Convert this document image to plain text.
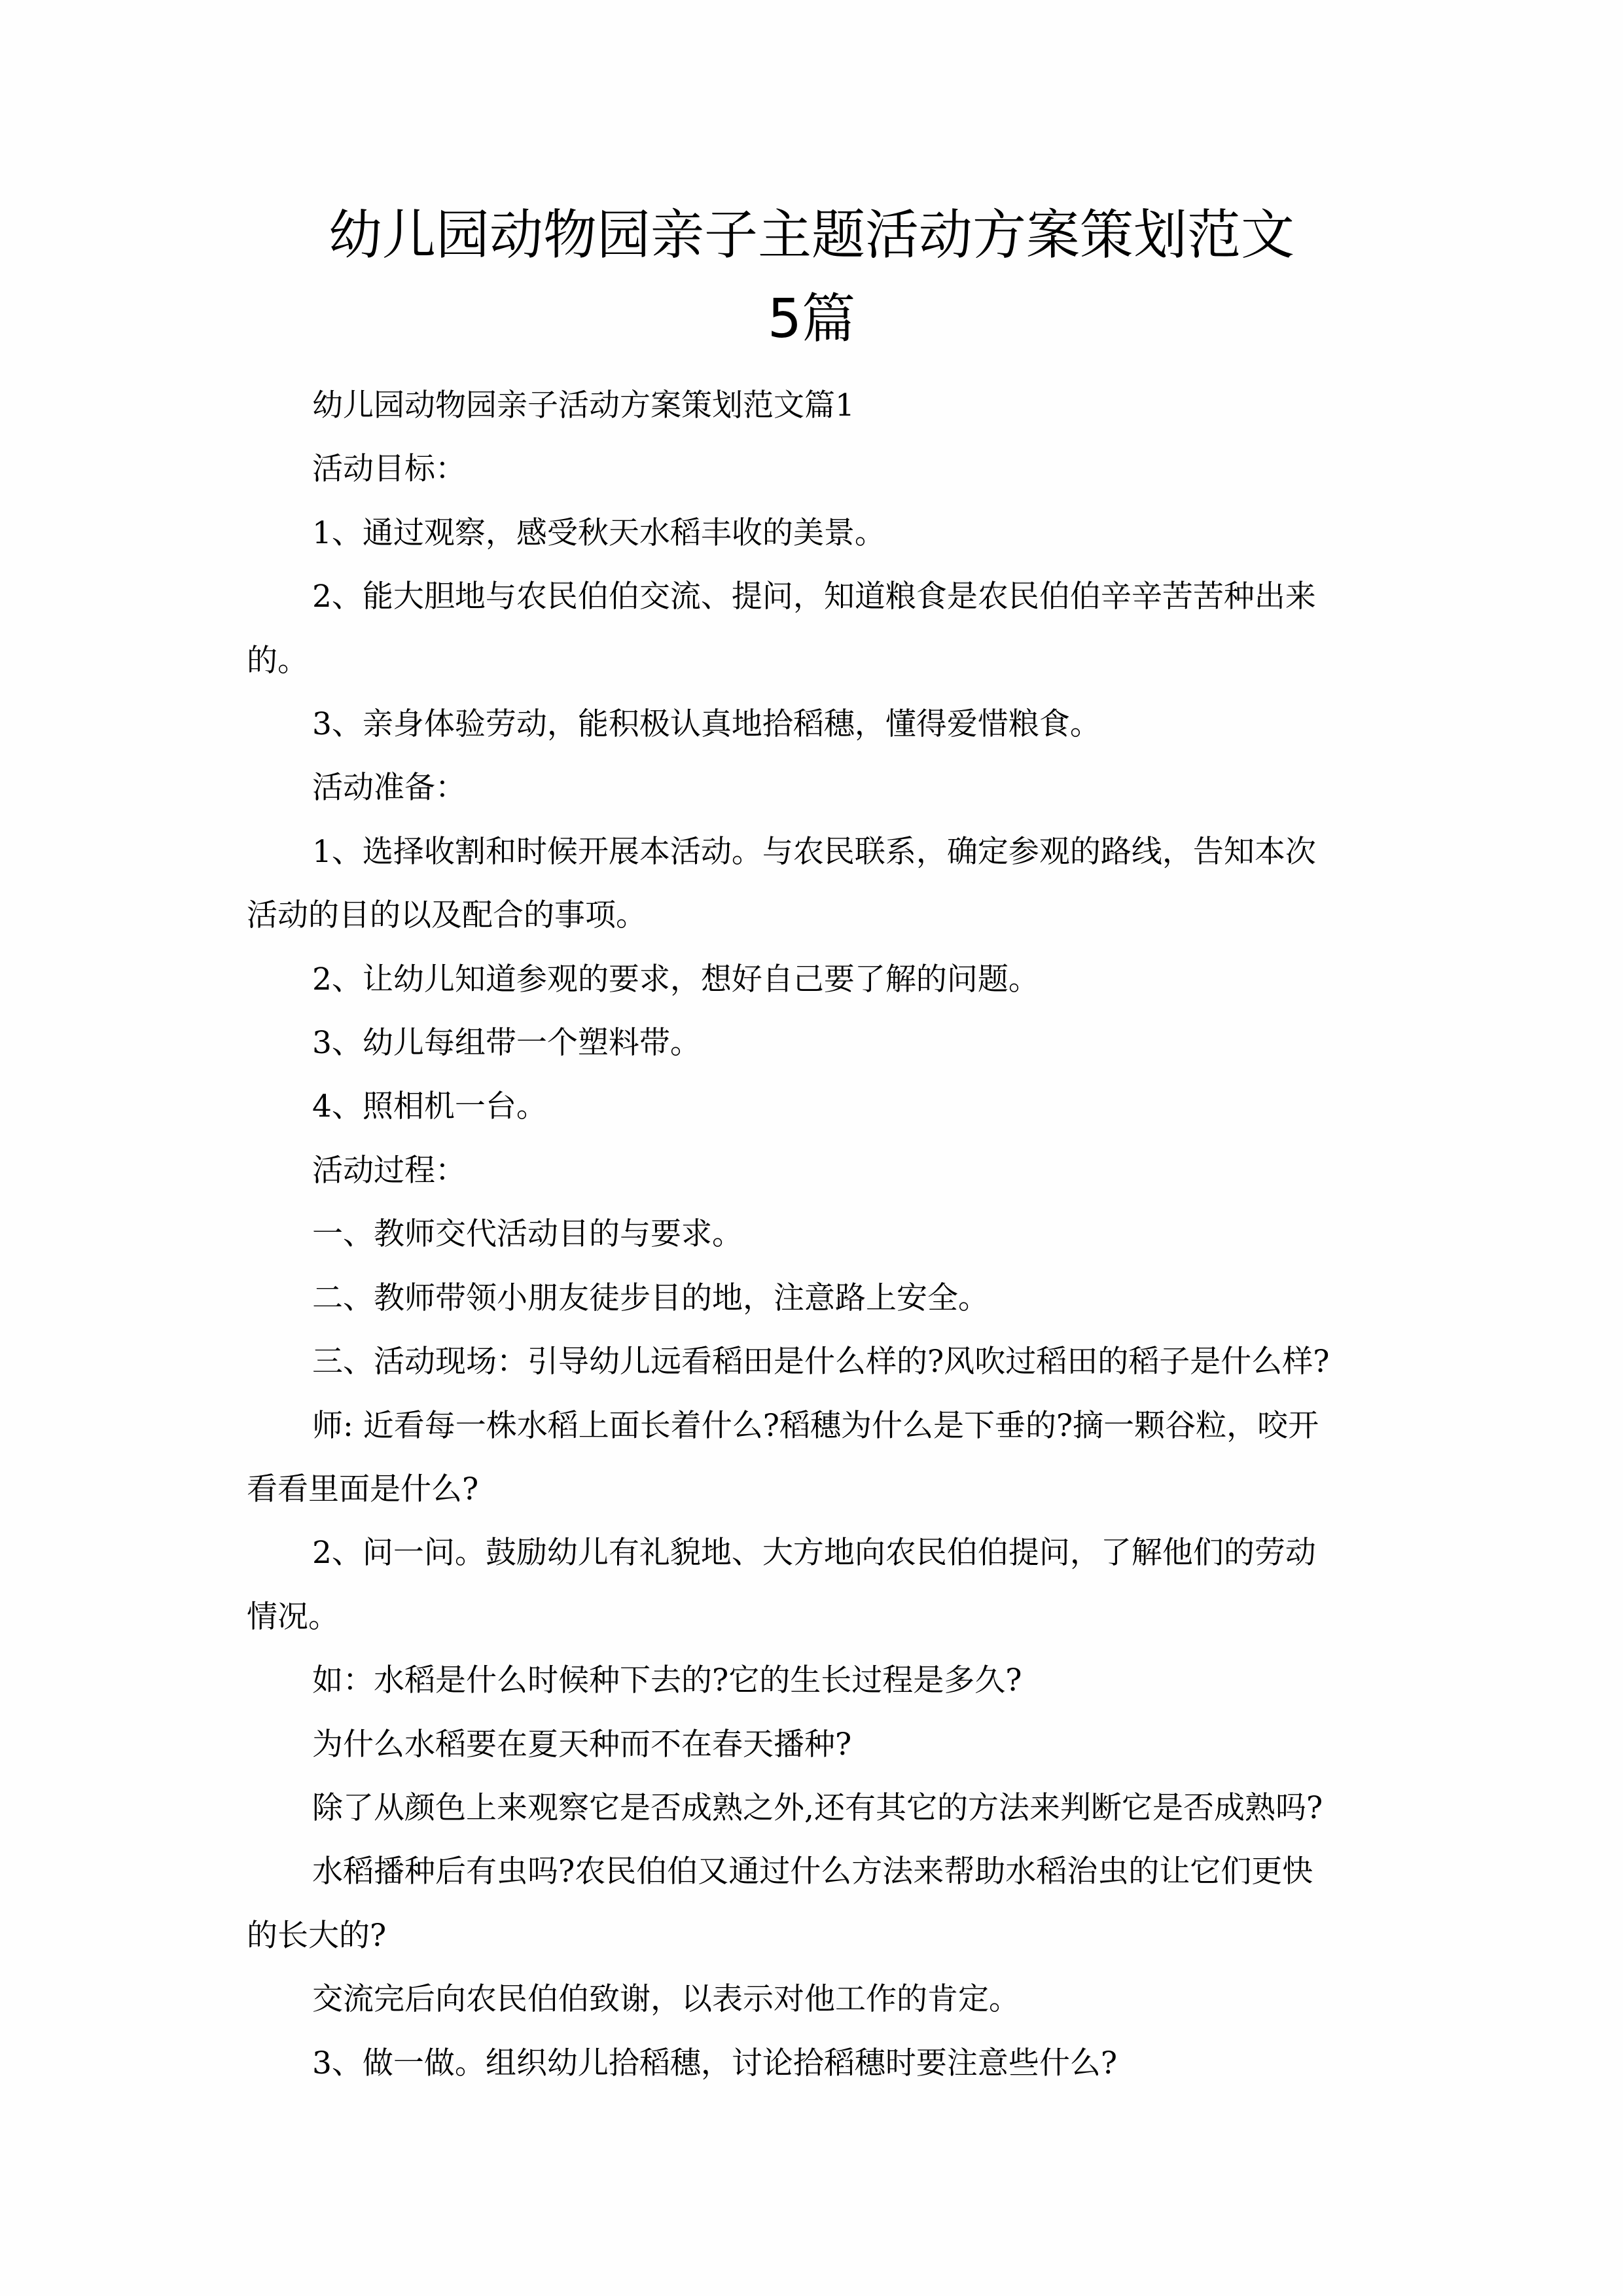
幼儿园动物园亲子主题活动方案策划范文
5篇
幼儿园动物园亲子活动方案策划范文篇1
活动目标：
1、通过观察，感受秋天水稻丰收的美景。
2、能大胆地与农民伯伯交流、提问，知道粮食是农民伯伯辛辛苦苦种出来
的。
3、亲身体验劳动，能积极认真地拾稻穗，懂得爱惜粮食。
活动准备：
1、选择收割和时候开展本活动。与农民联系，确定参观的路线，告知本次
活动的目的以及配合的事项。
2、让幼儿知道参观的要求，想好自己要了解的问题。
3、幼儿每组带一个塑料带。
4、照相机一台。
活动过程：
一、教师交代活动目的与要求。
二、教师带领小朋友徒步目的地，注意路上安全。
三、活动现场：引导幼儿远看稻田是什么样的?风吹过稻田的稻子是什么样?
师: 近看每一株水稻上面长着什么?稻穗为什么是下垂的?摘一颗谷粒，咬开
看看里面是什么?
2、问一问。鼓励幼儿有礼貌地、大方地向农民伯伯提问，了解他们的劳动
情况。
如：水稻是什么时候种下去的?它的生长过程是多久?
为什么水稻要在夏天种而不在春天播种?
除了从颜色上来观察它是否成熟之外,还有其它的方法来判断它是否成熟吗?
水稻播种后有虫吗?农民伯伯又通过什么方法来帮助水稻治虫的让它们更快
的长大的?
交流完后向农民伯伯致谢，以表示对他工作的肯定。
3、做一做。组织幼儿拾稻穗，讨论拾稻穗时要注意些什么?
